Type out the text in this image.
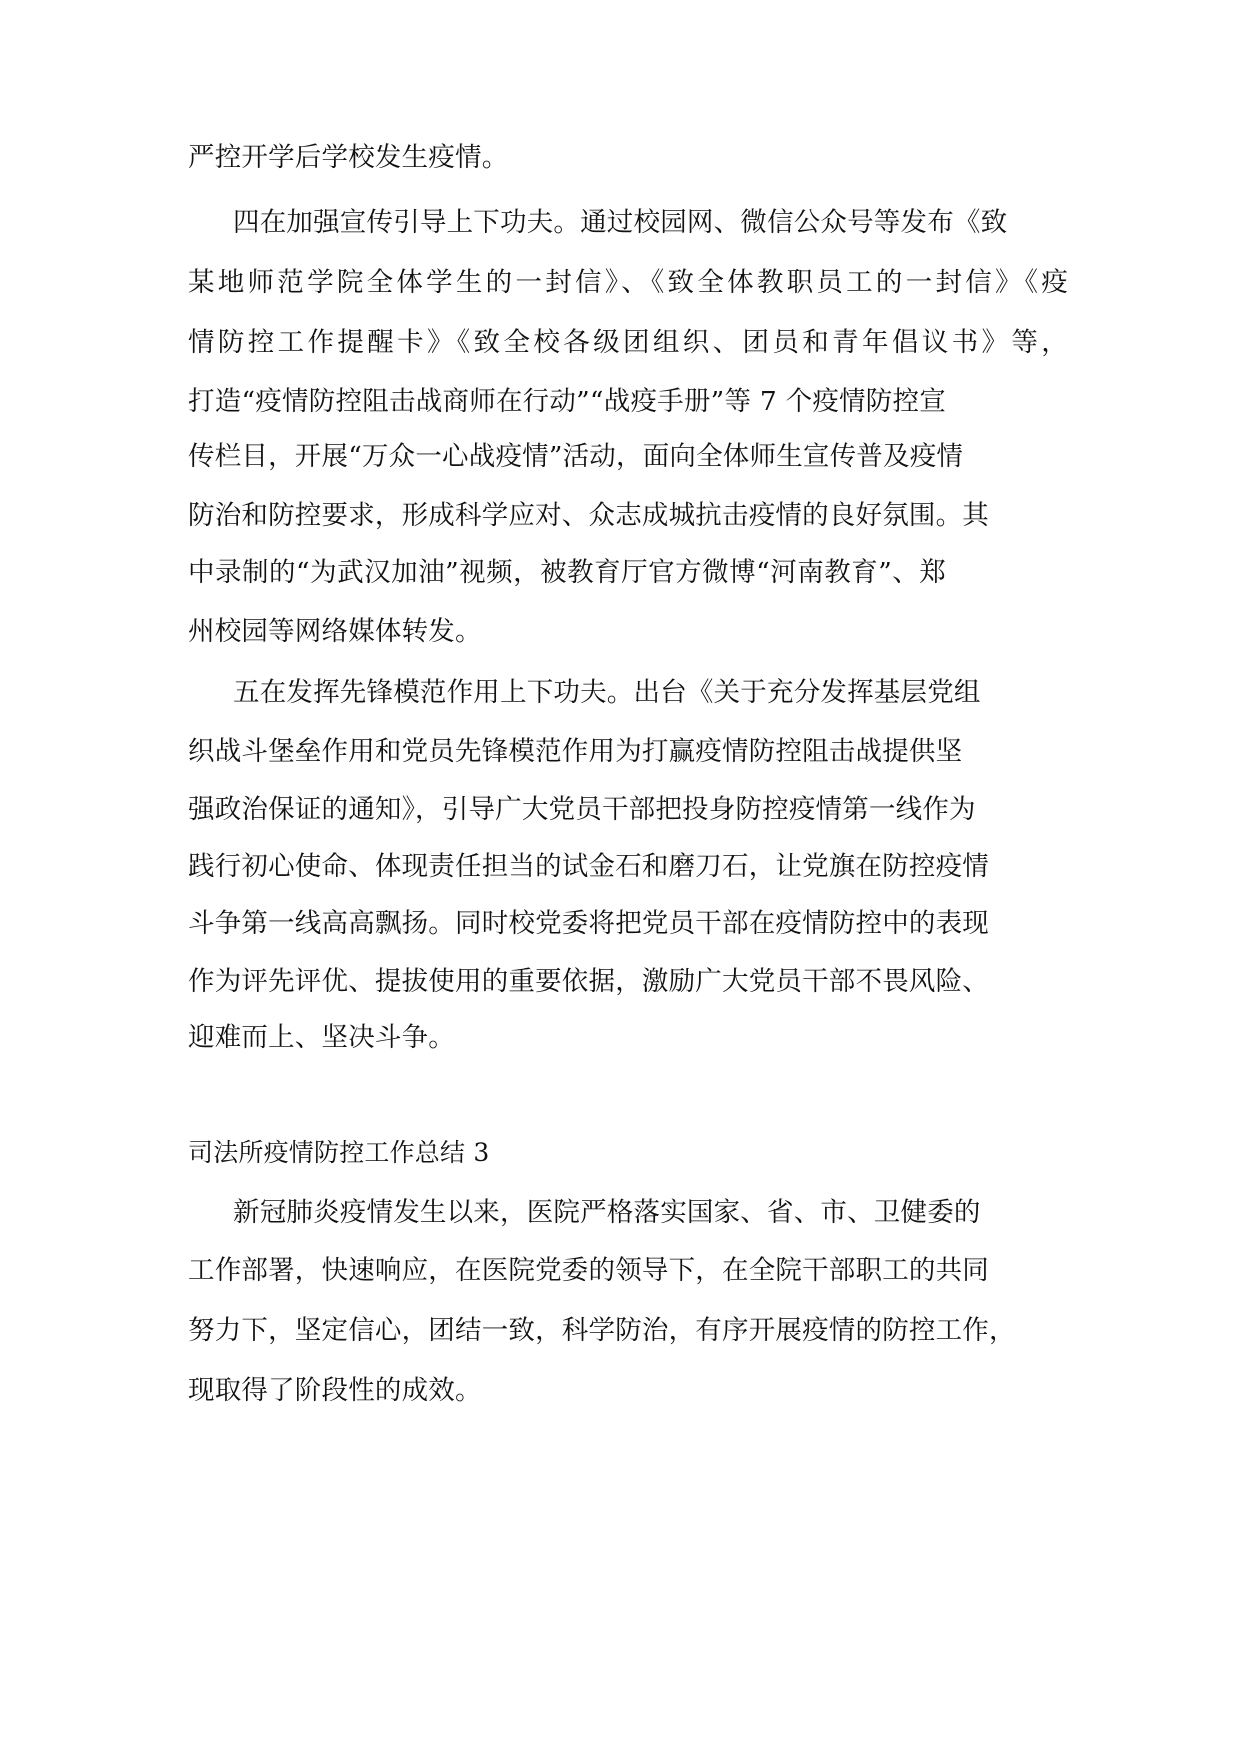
严控开学后学校发生疫情。
四在加强宣传引导上下功夫。通过校园网、微信公众号等发布《致
某地师范学院全体学生的一封信》、《致全体教职员工的一封信》《疫
情防控工作提醒卡》《致全校各级团组织、团员和青年倡议书》等，
打造“疫情防控阻击战商师在行动”“战疫手册”等 7 个疫情防控宣
传栏目，开展“万众一心战疫情”活动，面向全体师生宣传普及疫情
防治和防控要求，形成科学应对、众志成城抗击疫情的良好氛围。其
中录制的“为武汉加油”视频，被教育厅官方微博“河南教育”、郑
州校园等网络媒体转发。
五在发挥先锋模范作用上下功夫。出台《关于充分发挥基层党组
织战斗堡垒作用和党员先锋模范作用为打赢疫情防控阻击战提供坚
强政治保证的通知》，引导广大党员干部把投身防控疫情第一线作为
践行初心使命、体现责任担当的试金石和磨刀石，让党旗在防控疫情
斗争第一线高高飘扬。同时校党委将把党员干部在疫情防控中的表现
作为评先评优、提拔使用的重要依据，激励广大党员干部不畏风险、
迎难而上、坚决斗争。
司法所疫情防控工作总结 3
新冠肺炎疫情发生以来，医院严格落实国家、省、市、卫健委的
工作部署，快速响应，在医院党委的领导下，在全院干部职工的共同
努力下，坚定信心，团结一致，科学防治，有序开展疫情的防控工作，
现取得了阶段性的成效。
